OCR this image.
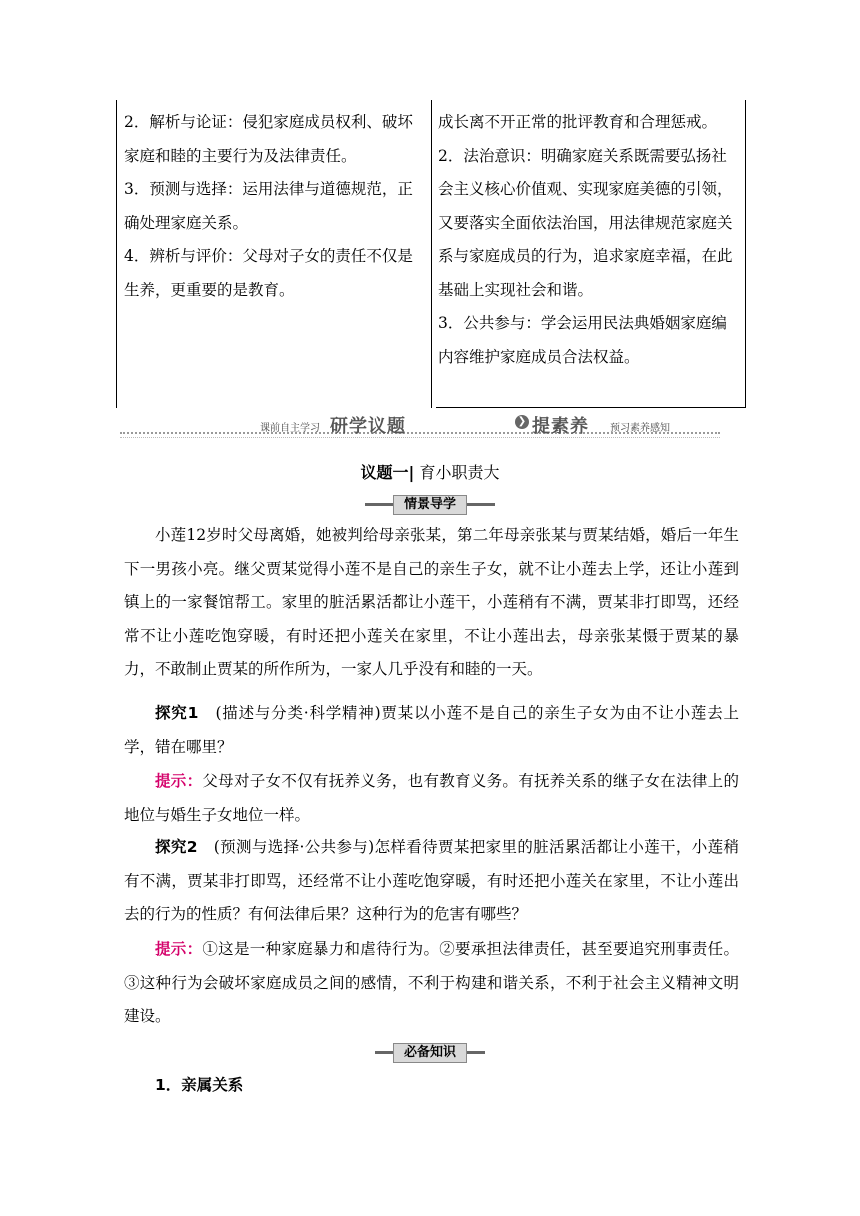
2．解析与论证：侵犯家庭成员权利、破坏家庭和睦的主要行为及法律责任。

3．预测与选择：运用法律与道德规范，正确处理家庭关系。

4．辨析与评价：父母对子女的责任不仅是生养，更重要的是教育。

成长离不开正常的批评教育和合理惩戒。

2．法治意识：明确家庭关系既需要弘扬社会主义核心价值观、实现家庭美德的引领，又要落实全面依法治国，用法律规范家庭关系与家庭成员的行为，追求家庭幸福，在此基础上实现社会和谐。

3．公共参与：学会运用民法典婚姻家庭编内容维护家庭成员合法权益。

课前自主学习 研学议题	❯ 提素养 预习素养感知
议题一| 育小职责大
情景导学
小莲12岁时父母离婚，她被判给母亲张某，第二年母亲张某与贾某结婚，婚后一年生下一男孩小亮。继父贾某觉得小莲不是自己的亲生子女，就不让小莲去上学，还让小莲到镇上的一家餐馆帮工。家里的脏活累活都让小莲干，小莲稍有不满，贾某非打即骂，还经常不让小莲吃饱穿暖，有时还把小莲关在家里，不让小莲出去，母亲张某慑于贾某的暴力，不敢制止贾某的所作所为，一家人几乎没有和睦的一天。
探究1　(描述与分类·科学精神)贾某以小莲不是自己的亲生子女为由不让小莲去上学，错在哪里？
提示：父母对子女不仅有抚养义务，也有教育义务。有抚养关系的继子女在法律上的地位与婚生子女地位一样。
探究2　(预测与选择·公共参与)怎样看待贾某把家里的脏活累活都让小莲干，小莲稍有不满，贾某非打即骂，还经常不让小莲吃饱穿暖，有时还把小莲关在家里，不让小莲出去的行为的性质？有何法律后果？这种行为的危害有哪些？
提示：①这是一种家庭暴力和虐待行为。②要承担法律责任，甚至要追究刑事责任。③这种行为会破坏家庭成员之间的感情，不利于构建和谐关系，不利于社会主义精神文明建设。
必备知识
1．亲属关系
